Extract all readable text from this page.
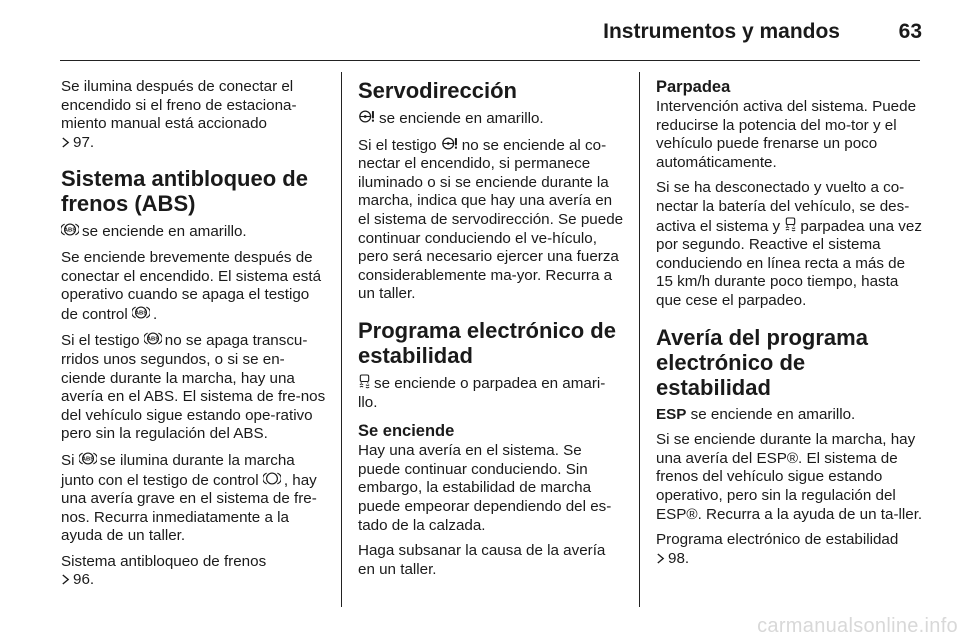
Instrumentos y mandos	63

Se ilumina después de conectar el encendido si el freno de estaciona-miento manual está accionado
97.

Sistema antibloqueo de frenos (ABS)

se enciende en amarillo.

Se enciende brevemente después de conectar el encendido. El sistema está operativo cuando se apaga el testigo de control .

Si el testigo no se apaga transcu-rridos unos segundos, o si se en-ciende durante la marcha, hay una avería en el ABS. El sistema de fre-nos del vehículo sigue estando ope-rativo pero sin la regulación del ABS.

Si se ilumina durante la marcha junto con el testigo de control , hay una avería grave en el sistema de fre-nos. Recurra inmediatamente a la ayuda de un taller.

Sistema antibloqueo de frenos
96.

Servodirección

se enciende en amarillo.

Si el testigo no se enciende al co-nectar el encendido, si permanece iluminado o si se enciende durante la marcha, indica que hay una avería en el sistema de servodirección. Se puede continuar conduciendo el ve-hículo, pero será necesario ejercer una fuerza considerablemente ma-yor. Recurra a un taller.

Programa electrónico de estabilidad

se enciende o parpadea en amari-llo.

Se enciende

Hay una avería en el sistema. Se puede continuar conduciendo. Sin embargo, la estabilidad de marcha puede empeorar dependiendo del es-tado de la calzada.

Haga subsanar la causa de la avería en un taller.

Parpadea

Intervención activa del sistema. Puede reducirse la potencia del mo-tor y el vehículo puede frenarse un poco automáticamente.

Si se ha desconectado y vuelto a co-nectar la batería del vehículo, se des-activa el sistema y parpadea una vez por segundo. Reactive el sistema conduciendo en línea recta a más de 15 km/h durante poco tiempo, hasta que cese el parpadeo.

Avería del programa electrónico de estabilidad

ESP se enciende en amarillo.

Si se enciende durante la marcha, hay una avería del ESP®. El sistema de frenos del vehículo sigue estando operativo, pero sin la regulación del ESP®. Recurra a la ayuda de un ta-ller.

Programa electrónico de estabilidad
98.

carmanualsonline.info
